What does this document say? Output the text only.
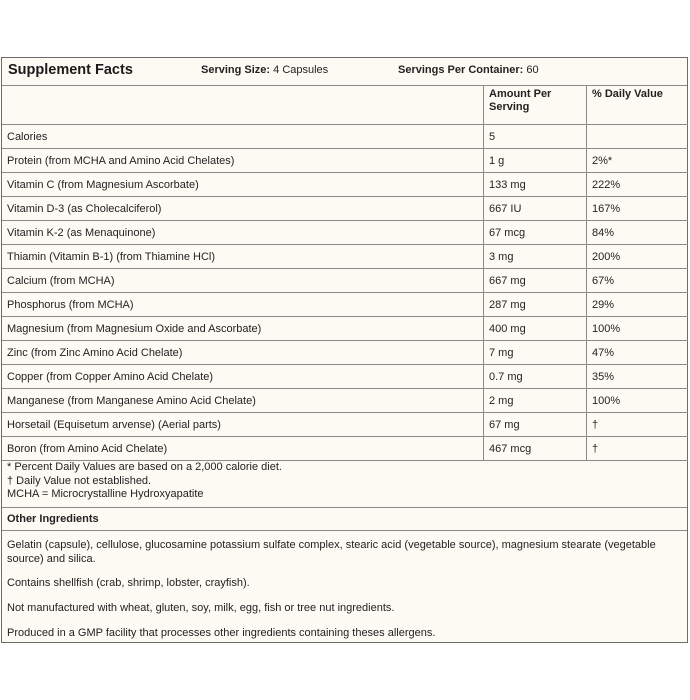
Supplement Facts	Serving Size: 4 Capsules	Servings Per Container: 60
	Amount Per Serving	% Daily Value
Calories	5	
Protein (from MCHA and Amino Acid Chelates)	1 g	2%*
Vitamin C (from Magnesium Ascorbate)	133 mg	222%
Vitamin D-3 (as Cholecalciferol)	667 IU	167%
Vitamin K-2 (as Menaquinone)	67 mcg	84%
Thiamin (Vitamin B-1) (from Thiamine HCl)	3 mg	200%
Calcium (from MCHA)	667 mg	67%
Phosphorus (from MCHA)	287 mg	29%
Magnesium (from Magnesium Oxide and Ascorbate)	400 mg	100%
Zinc (from Zinc Amino Acid Chelate)	7 mg	47%
Copper (from Copper Amino Acid Chelate)	0.7 mg	35%
Manganese (from Manganese Amino Acid Chelate)	2 mg	100%
Horsetail (Equisetum arvense) (Aerial parts)	67 mg	†
Boron (from Amino Acid Chelate)	467 mcg	†
* Percent Daily Values are based on a 2,000 calorie diet.
† Daily Value not established.
MCHA = Microcrystalline Hydroxyapatite
Other Ingredients
Gelatin (capsule), cellulose, glucosamine potassium sulfate complex, stearic acid (vegetable source), magnesium stearate (vegetable source) and silica.
Contains shellfish (crab, shrimp, lobster, crayfish).
Not manufactured with wheat, gluten, soy, milk, egg, fish or tree nut ingredients.
Produced in a GMP facility that processes other ingredients containing theses allergens.
